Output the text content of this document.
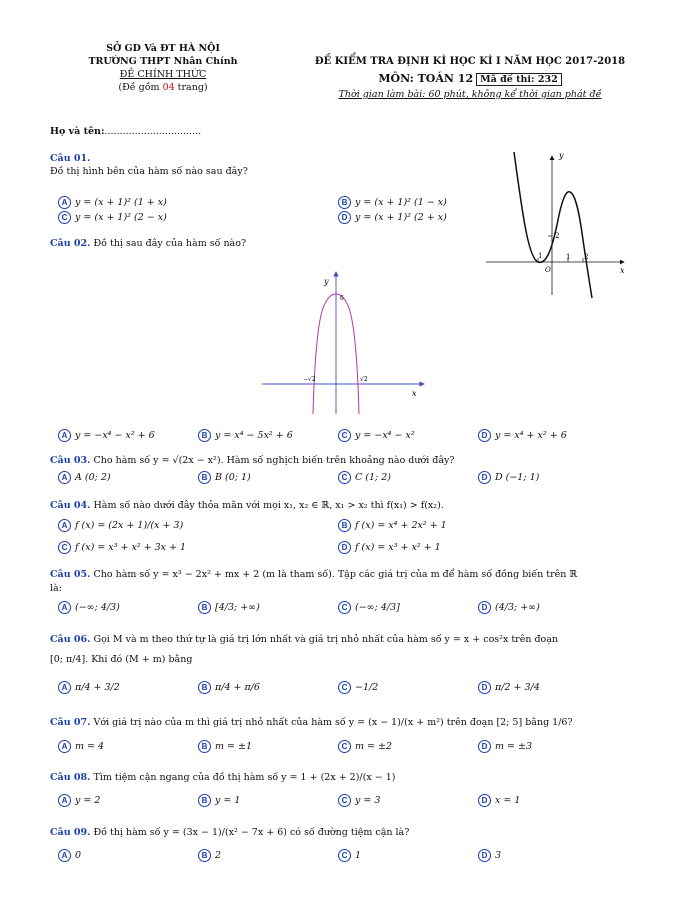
SỞ GD Và ĐT HÀ NỘI
TRƯỜNG THPT Nhân Chính
ĐỀ CHÍNH THỨC
(Đề gồm 04 trang)
ĐỀ KIỂM TRA ĐỊNH KÌ HỌC KÌ I NĂM HỌC 2017-2018
MÔN: TOÁN 12 Mã đề thi: 232
Thời gian làm bài: 60 phút, không kể thời gian phát đề
Họ và tên:................................
Câu 01.
Đồ thị hình bên của hàm số nào sau đây?
A y = (x + 1)² (1 + x)	B y = (x + 1)² (1 − x)
C y = (x + 1)² (2 − x)	D y = (x + 1)² (2 + x)
y
x
O
1 2
2
1
Câu 02. Đồ thị sau đây của hàm số nào?
y
x
6
−√2	√2
A y = −x⁴ − x² + 6	B y = x⁴ − 5x² + 6	C y = −x⁴ − x²	D y = x⁴ + x² + 6
Câu 03. Cho hàm số y = √(2x − x²). Hàm số nghịch biến trên khoảng nào dưới đây?
A A (0; 2)	B B (0; 1)	C C (1; 2)	D D (−1; 1)
Câu 04. Hàm số nào dưới đây thỏa mãn với mọi x₁, x₂ ∈ ℝ, x₁ > x₂ thì f(x₁) > f(x₂).
A f (x) = (2x + 1)/(x + 3)	B f (x) = x⁴ + 2x² + 1
C f (x) = x³ + x² + 3x + 1	D f (x) = x³ + x² + 1
Câu 05. Cho hàm số y = x³ − 2x² + mx + 2 (m là tham số). Tập các giá trị của m để hàm số đồng biến trên ℝ
là:
A (−∞; 4/3)	B [4/3; +∞)	C (−∞; 4/3]	D (4/3; +∞)
Câu 06. Gọi M và m theo thứ tự là giá trị lớn nhất và giá trị nhỏ nhất của hàm số y = x + cos²x trên đoạn
[0; π/4]. Khi đó (M + m) bằng
A π/4 + 3/2	B π/4 + π/6	C −1/2	D π/2 + 3/4
Câu 07. Với giá trị nào của m thì giá trị nhỏ nhất của hàm số y = (x − 1)/(x + m²) trên đoạn [2; 5] bằng 1/6?
A m = 4	B m = ±1	C m = ±2	D m = ±3
Câu 08. Tìm tiệm cận ngang của đồ thị hàm số y = 1 + (2x + 2)/(x − 1)
A y = 2	B y = 1	C y = 3	D x = 1
Câu 09. Đồ thị hàm số y = (3x − 1)/(x² − 7x + 6) có số đường tiệm cận là?
A 0	B 2	C 1	D 3
